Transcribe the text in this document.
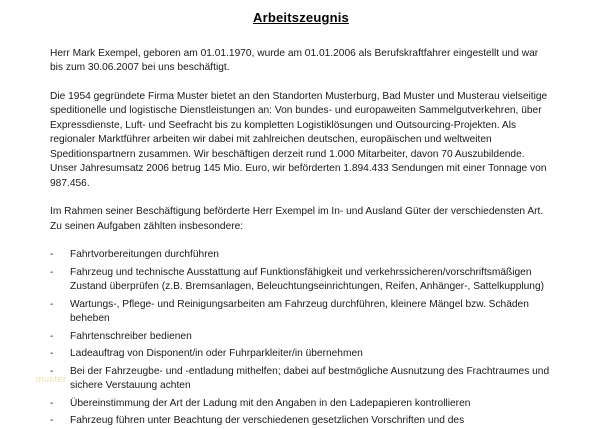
Arbeitszeugnis

Herr Mark Exempel, geboren am 01.01.1970, wurde am 01.01.2006 als Berufskraftfahrer eingestellt und war bis zum 30.06.2007 bei uns beschäftigt.

Die 1954 gegründete Firma Muster bietet an den Standorten Musterburg, Bad Muster und Musterau vielseitige speditionelle und logistische Dienstleistungen an: Von bundes- und europaweiten Sammelgutverkehren, über Expressdienste, Luft- und Seefracht bis zu kompletten Logistiklösungen und Outsourcing-Projekten. Als regionaler Marktführer arbeiten wir dabei mit zahlreichen deutschen, europäischen und weltweiten Speditionspartnern zusammen. Wir beschäftigen derzeit rund 1.000 Mitarbeiter, davon 70 Auszubildende. Unser Jahresumsatz 2006 betrug 145 Mio. Euro, wir beförderten 1.894.433 Sendungen mit einer Tonnage von 987.456.

Im Rahmen seiner Beschäftigung beförderte Herr Exempel im In- und Ausland Güter der verschiedensten Art. Zu seinen Aufgaben zählten insbesondere:

-	Fahrtvorbereitungen durchführen
-	Fahrzeug und technische Ausstattung auf Funktionsfähigkeit und verkehrssicheren/vorschriftsmäßigen Zustand überprüfen (z.B. Bremsanlagen, Beleuchtungseinrichtungen, Reifen, Anhänger-, Sattelkupplung)
-	Wartungs-, Pflege- und Reinigungsarbeiten am Fahrzeug durchführen, kleinere Mängel bzw. Schäden beheben
-	Fahrtenschreiber bedienen
-	Ladeauftrag von Disponent/in oder Fuhrparkleiter/in übernehmen
-	Bei der Fahrzeugbe- und -entladung mithelfen; dabei auf bestmögliche Ausnutzung des Frachtraumes und sichere Verstauung achten
-	Übereinstimmung der Art der Ladung mit den Angaben in den Ladepapieren kontrollieren
-	Fahrzeug führen unter Beachtung der verschiedenen gesetzlichen Vorschriften und des
muster
